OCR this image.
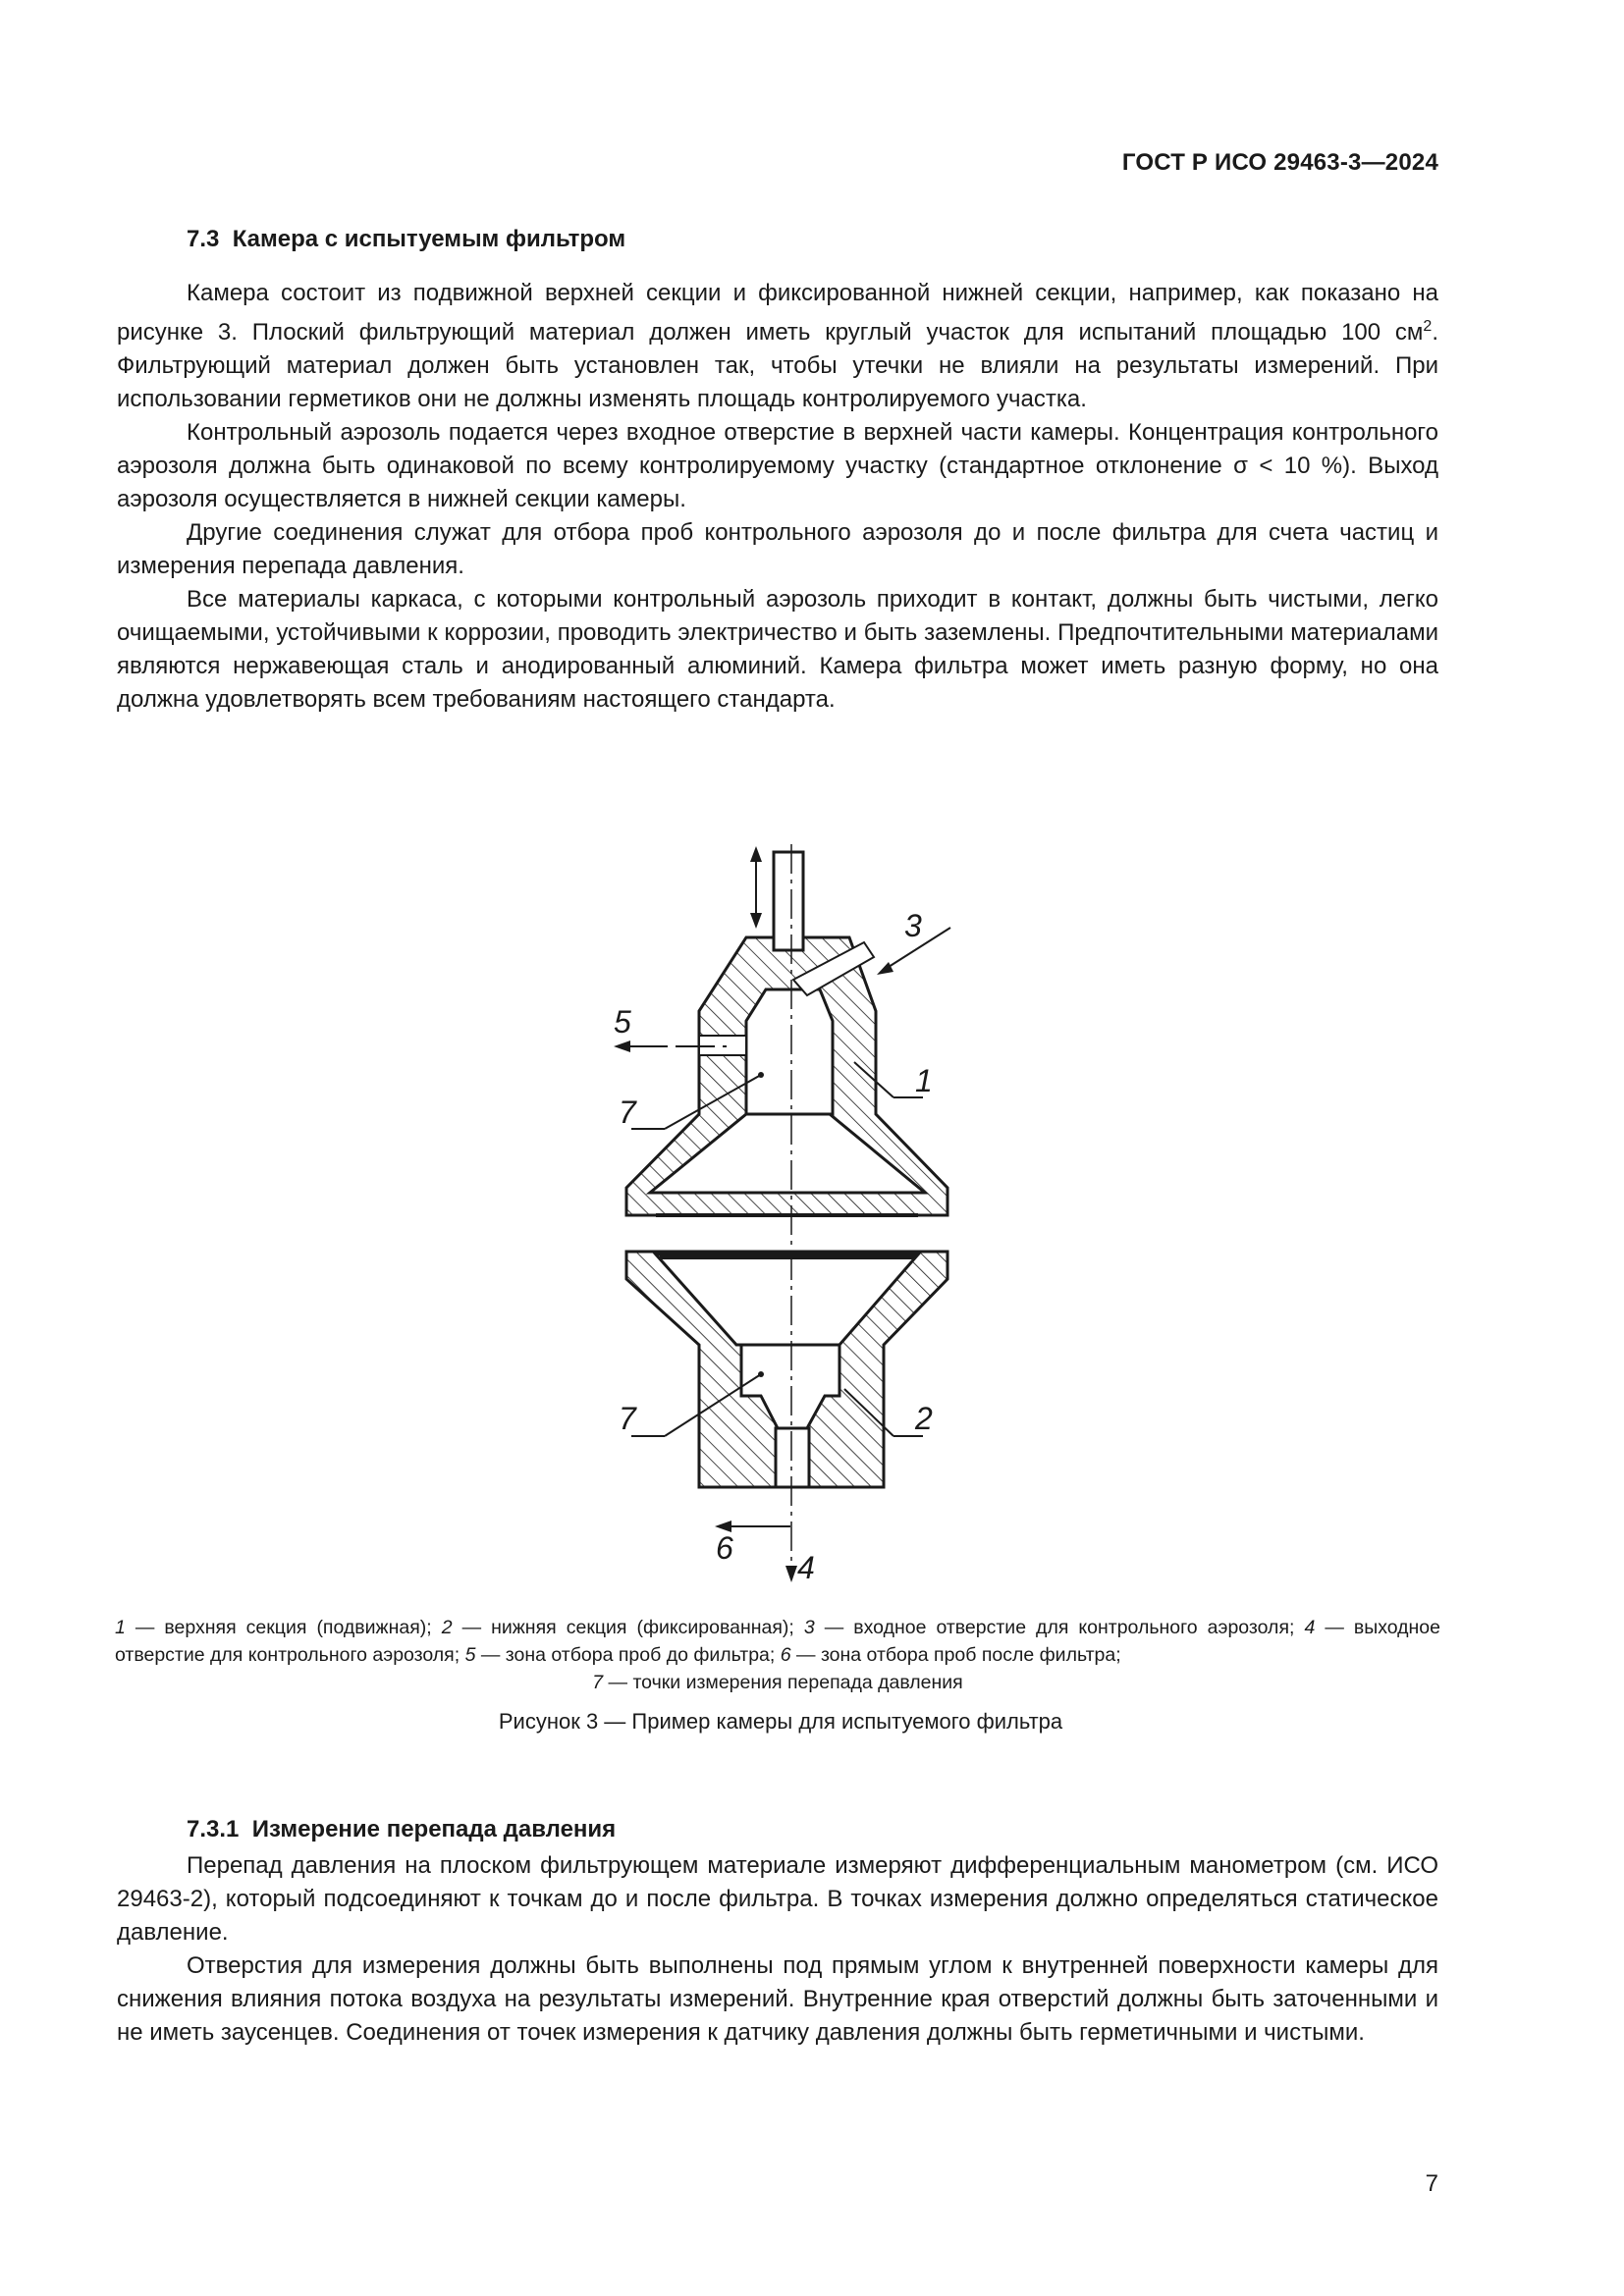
ГОСТ Р ИСО 29463-3—2024
7.3 Камера с испытуемым фильтром

Камера состоит из подвижной верхней секции и фиксированной нижней секции, например, как показано на рисунке 3. Плоский фильтрующий материал должен иметь круглый участок для испытаний площадью 100 $см^2$. Фильтрующий материал должен быть установлен так, чтобы утечки не влияли на результаты измерений. При использовании герметиков они не должны изменять площадь контролируемого участка.

Контрольный аэрозоль подается через входное отверстие в верхней части камеры. Концентрация контрольного аэрозоля должна быть одинаковой по всему контролируемому участку (стандартное отклонение σ < 10 %). Выход аэрозоля осуществляется в нижней секции камеры.

Другие соединения служат для отбора проб контрольного аэрозоля до и после фильтра для счета частиц и измерения перепада давления.

Все материалы каркаса, с которыми контрольный аэрозоль приходит в контакт, должны быть чистыми, легко очищаемыми, устойчивыми к коррозии, проводить электричество и быть заземлены. Предпочтительными материалами являются нержавеющая сталь и анодированный алюминий. Камера фильтра может иметь разную форму, но она должна удовлетворять всем требованиям настоящего стандарта.

3
5
1
7
7	2
6
4
1 — верхняя секция (подвижная); 2 — нижняя секция (фиксированная); 3 — входное отверстие для контрольного аэрозоля; 4 — выходное отверстие для контрольного аэрозоля; 5 — зона отбора проб до фильтра; 6 — зона отбора проб после фильтра;
7 — точки измерения перепада давления
Рисунок 3 — Пример камеры для испытуемого фильтра
7.3.1 Измерение перепада давления

Перепад давления на плоском фильтрующем материале измеряют дифференциальным манометром (см. ИСО 29463-2), который подсоединяют к точкам до и после фильтра. В точках измерения должно определяться статическое давление.

Отверстия для измерения должны быть выполнены под прямым углом к внутренней поверхности камеры для снижения влияния потока воздуха на результаты измерений. Внутренние края отверстий должны быть заточенными и не иметь заусенцев. Соединения от точек измерения к датчику давления должны быть герметичными и чистыми.

7
